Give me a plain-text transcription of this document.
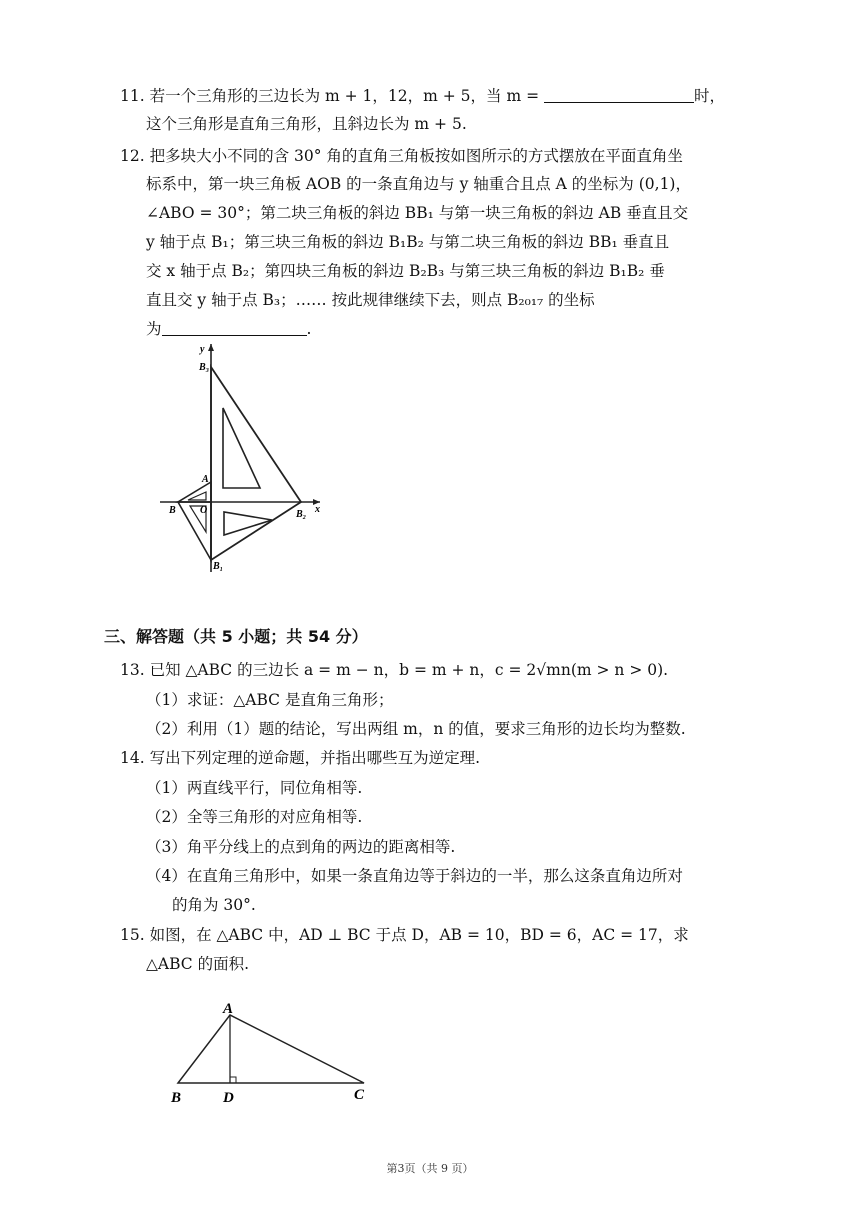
11. 若一个三角形的三边长为 m + 1，12，m + 5，当 m =	时，
这个三角形是直角三角形，且斜边长为 m + 5.
12. 把多块大小不同的含 30° 角的直角三角板按如图所示的方式摆放在平面直角坐
标系中，第一块三角板 AOB 的一条直角边与 y 轴重合且点 A 的坐标为 (0,1)，
∠ABO = 30°；第二块三角板的斜边 BB₁ 与第一块三角板的斜边 AB 垂直且交
y 轴于点 B₁；第三块三角板的斜边 B₁B₂ 与第二块三角板的斜边 BB₁ 垂直且
交 x 轴于点 B₂；第四块三角板的斜边 B₂B₃ 与第三块三角板的斜边 B₁B₂ 垂
直且交 y 轴于点 B₃；…… 按此规律继续下去，则点 B₂₀₁₇ 的坐标
为	.
y
x
B₃
A
B O	B₂
B₁
三、解答题（共 5 小题；共 54 分）
13. 已知 △ABC 的三边长 a = m − n，b = m + n，c = 2√mn(m > n > 0).
（1）求证：△ABC 是直角三角形；
（2）利用（1）题的结论，写出两组 m，n 的值，要求三角形的边长均为整数.
14. 写出下列定理的逆命题，并指出哪些互为逆定理.
（1）两直线平行，同位角相等.
（2）全等三角形的对应角相等.
（3）角平分线上的点到角的两边的距离相等.
（4）在直角三角形中，如果一条直角边等于斜边的一半，那么这条直角边所对
的角为 30°.
15. 如图，在 △ABC 中，AD ⊥ BC 于点 D，AB = 10，BD = 6，AC = 17，求
△ABC 的面积.
A
B	D	C
第3页（共 9 页）
